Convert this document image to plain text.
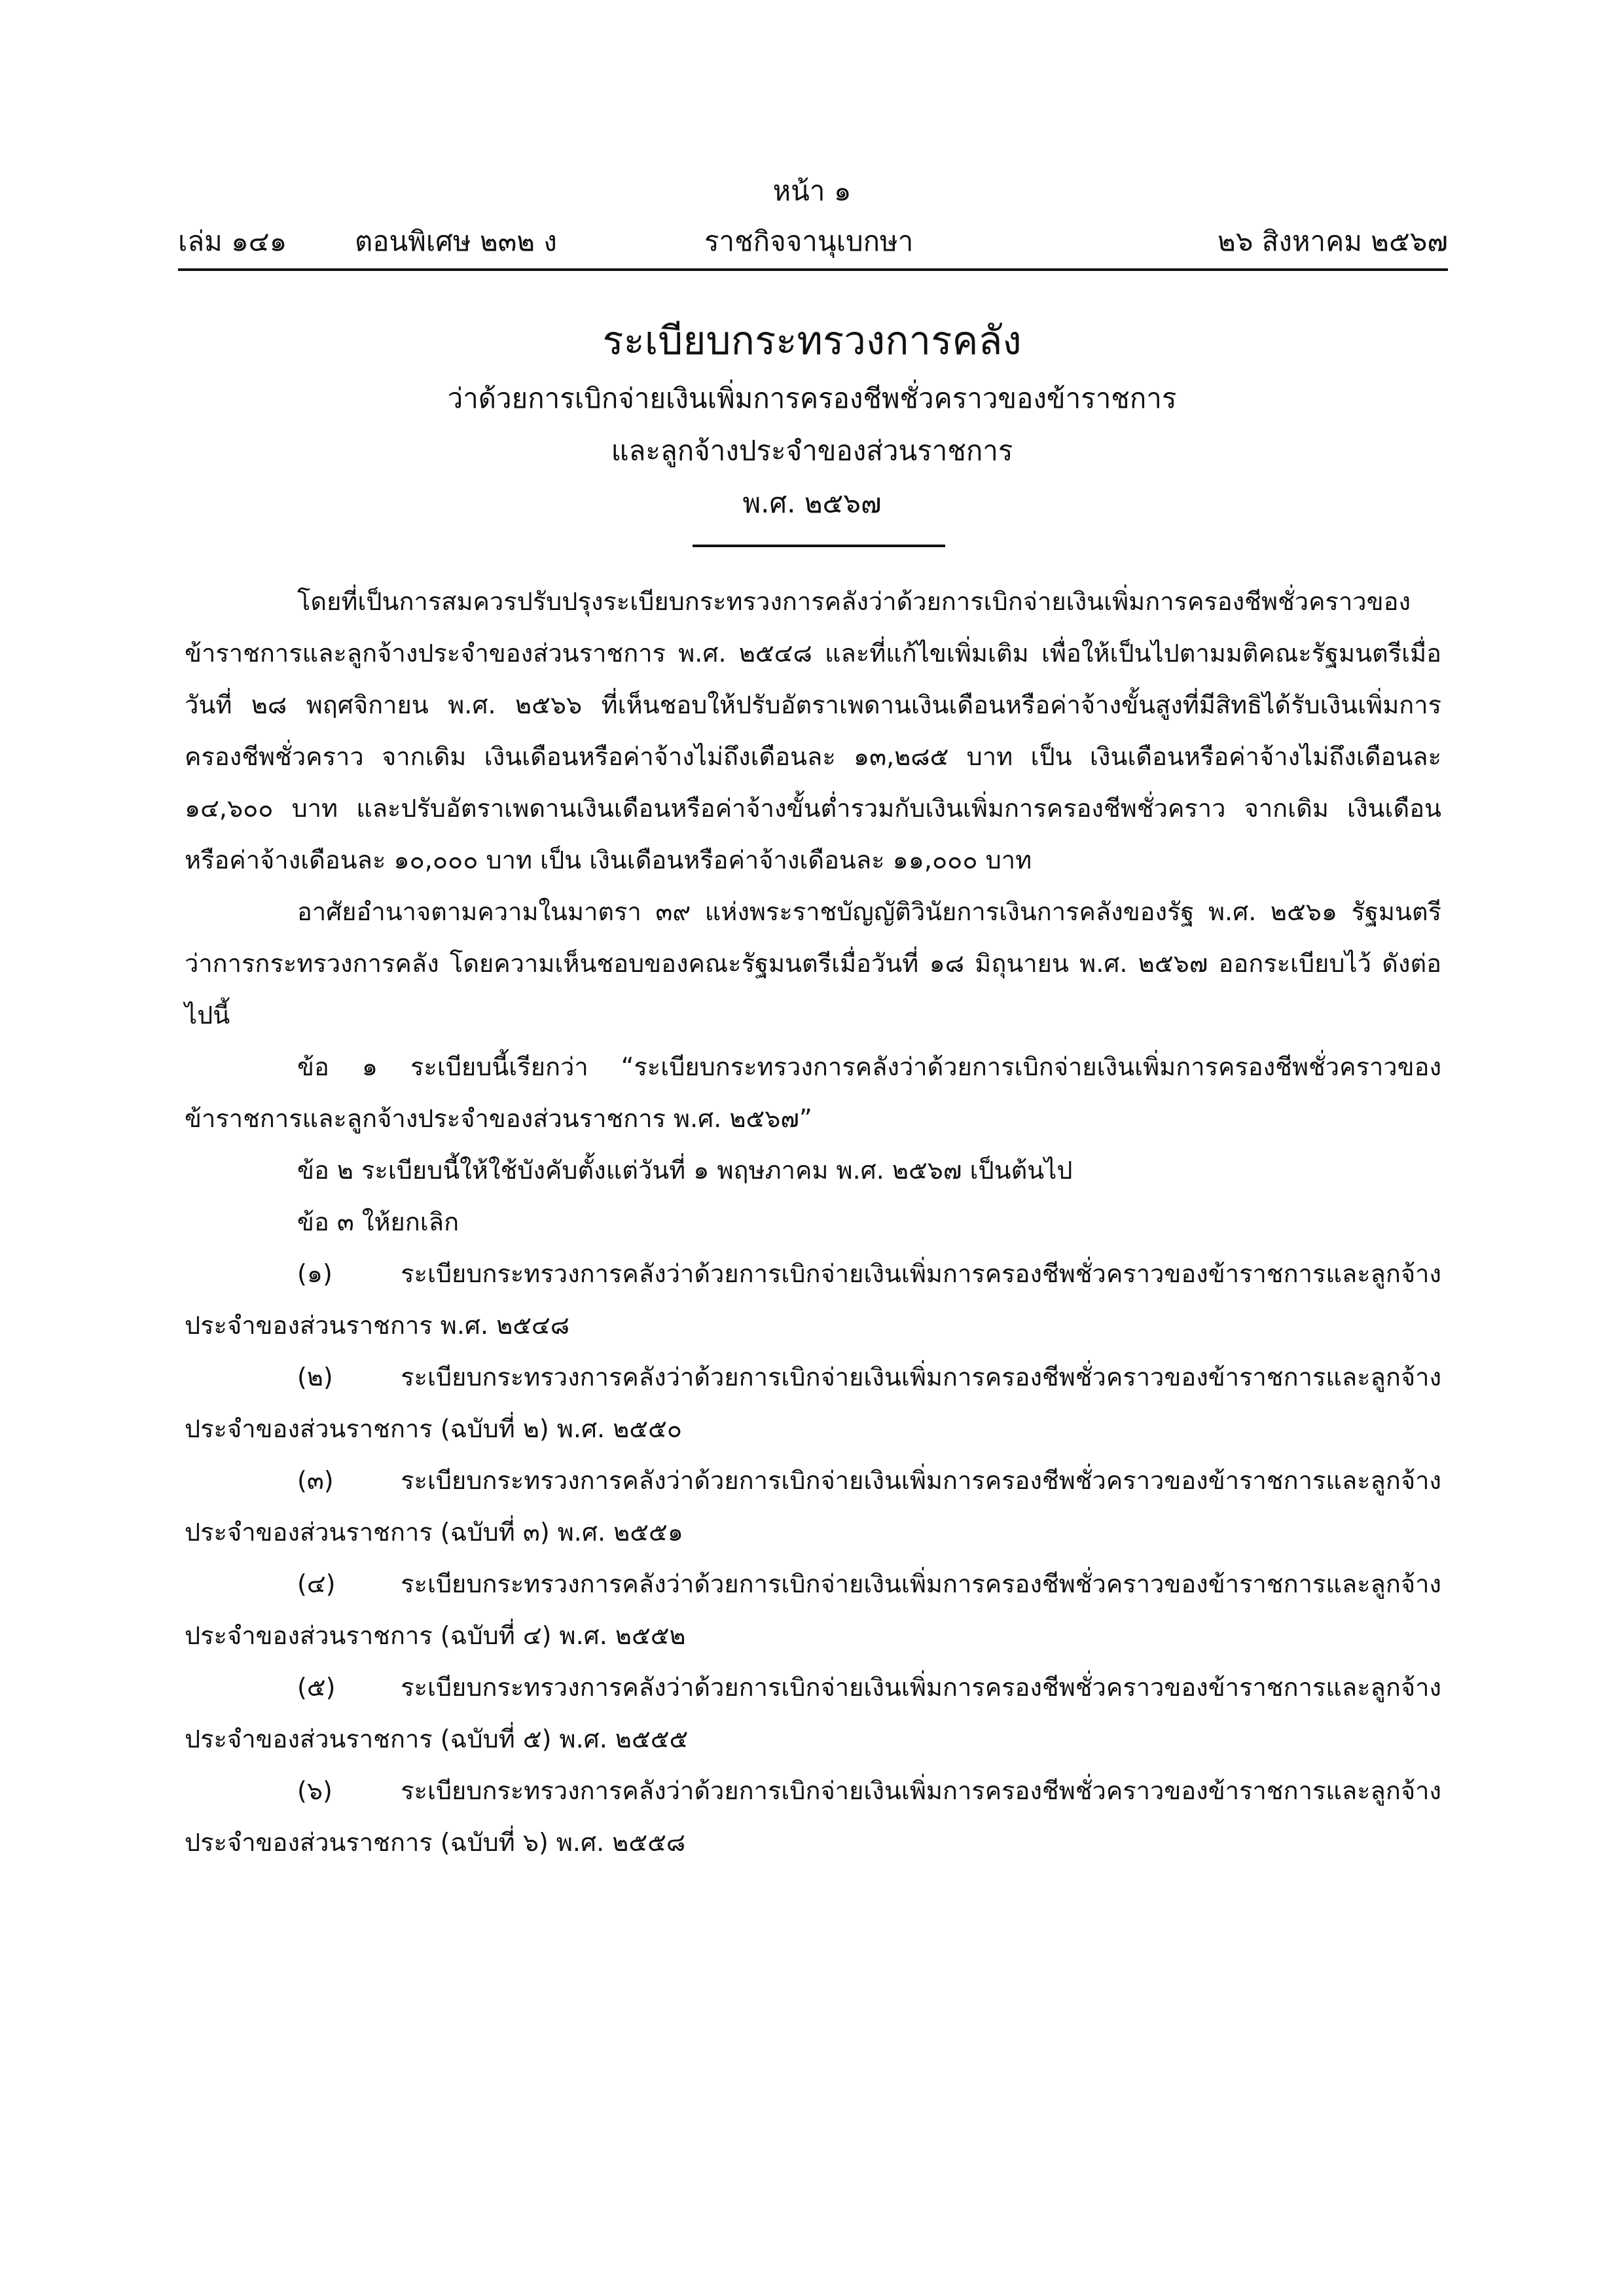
หน้า ๑
เล่ม ๑๔๑ ตอนพิเศษ ๒๓๒ ง	ราชกิจจานุเบกษา	๒๖ สิงหาคม ๒๕๖๗
ระเบียบกระทรวงการคลัง
ว่าด้วยการเบิกจ่ายเงินเพิ่มการครองชีพชั่วคราวของข้าราชการ
และลูกจ้างประจำของส่วนราชการ
พ.ศ. ๒๕๖๗

โดยที่เป็นการสมควรปรับปรุงระเบียบกระทรวงการคลังว่าด้วยการเบิกจ่ายเงินเพิ่มการครองชีพชั่วคราวของข้าราชการและลูกจ้างประจำของส่วนราชการ พ.ศ. ๒๕๔๘ และที่แก้ไขเพิ่มเติม เพื่อให้เป็นไปตามมติคณะรัฐมนตรีเมื่อวันที่ ๒๘ พฤศจิกายน พ.ศ. ๒๕๖๖ ที่เห็นชอบให้ปรับอัตราเพดานเงินเดือนหรือค่าจ้างขั้นสูงที่มีสิทธิได้รับเงินเพิ่มการครองชีพชั่วคราว จากเดิม เงินเดือนหรือค่าจ้างไม่ถึงเดือนละ ๑๓,๒๘๕ บาท เป็น เงินเดือนหรือค่าจ้างไม่ถึงเดือนละ ๑๔,๖๐๐ บาท และปรับอัตราเพดานเงินเดือนหรือค่าจ้างขั้นต่ำรวมกับเงินเพิ่มการครองชีพชั่วคราว จากเดิม เงินเดือนหรือค่าจ้างเดือนละ ๑๐,๐๐๐ บาท เป็น เงินเดือนหรือค่าจ้างเดือนละ ๑๑,๐๐๐ บาท

อาศัยอำนาจตามความในมาตรา ๓๙ แห่งพระราชบัญญัติวินัยการเงินการคลังของรัฐ พ.ศ. ๒๕๖๑ รัฐมนตรีว่าการกระทรวงการคลัง โดยความเห็นชอบของคณะรัฐมนตรีเมื่อวันที่ ๑๘ มิถุนายน พ.ศ. ๒๕๖๗ ออกระเบียบไว้ ดังต่อไปนี้

ข้อ ๑ ระเบียบนี้เรียกว่า “ระเบียบกระทรวงการคลังว่าด้วยการเบิกจ่ายเงินเพิ่มการครองชีพชั่วคราวของข้าราชการและลูกจ้างประจำของส่วนราชการ พ.ศ. ๒๕๖๗”

ข้อ ๒ ระเบียบนี้ให้ใช้บังคับตั้งแต่วันที่ ๑ พฤษภาคม พ.ศ. ๒๕๖๗ เป็นต้นไป

ข้อ ๓ ให้ยกเลิก

(๑) ระเบียบกระทรวงการคลังว่าด้วยการเบิกจ่ายเงินเพิ่มการครองชีพชั่วคราวของข้าราชการและลูกจ้างประจำของส่วนราชการ พ.ศ. ๒๕๔๘

(๒) ระเบียบกระทรวงการคลังว่าด้วยการเบิกจ่ายเงินเพิ่มการครองชีพชั่วคราวของข้าราชการและลูกจ้างประจำของส่วนราชการ (ฉบับที่ ๒) พ.ศ. ๒๕๕๐

(๓) ระเบียบกระทรวงการคลังว่าด้วยการเบิกจ่ายเงินเพิ่มการครองชีพชั่วคราวของข้าราชการและลูกจ้างประจำของส่วนราชการ (ฉบับที่ ๓) พ.ศ. ๒๕๕๑

(๔) ระเบียบกระทรวงการคลังว่าด้วยการเบิกจ่ายเงินเพิ่มการครองชีพชั่วคราวของข้าราชการและลูกจ้างประจำของส่วนราชการ (ฉบับที่ ๔) พ.ศ. ๒๕๕๒

(๕) ระเบียบกระทรวงการคลังว่าด้วยการเบิกจ่ายเงินเพิ่มการครองชีพชั่วคราวของข้าราชการและลูกจ้างประจำของส่วนราชการ (ฉบับที่ ๕) พ.ศ. ๒๕๕๕

(๖) ระเบียบกระทรวงการคลังว่าด้วยการเบิกจ่ายเงินเพิ่มการครองชีพชั่วคราวของข้าราชการและลูกจ้างประจำของส่วนราชการ (ฉบับที่ ๖) พ.ศ. ๒๕๕๘
